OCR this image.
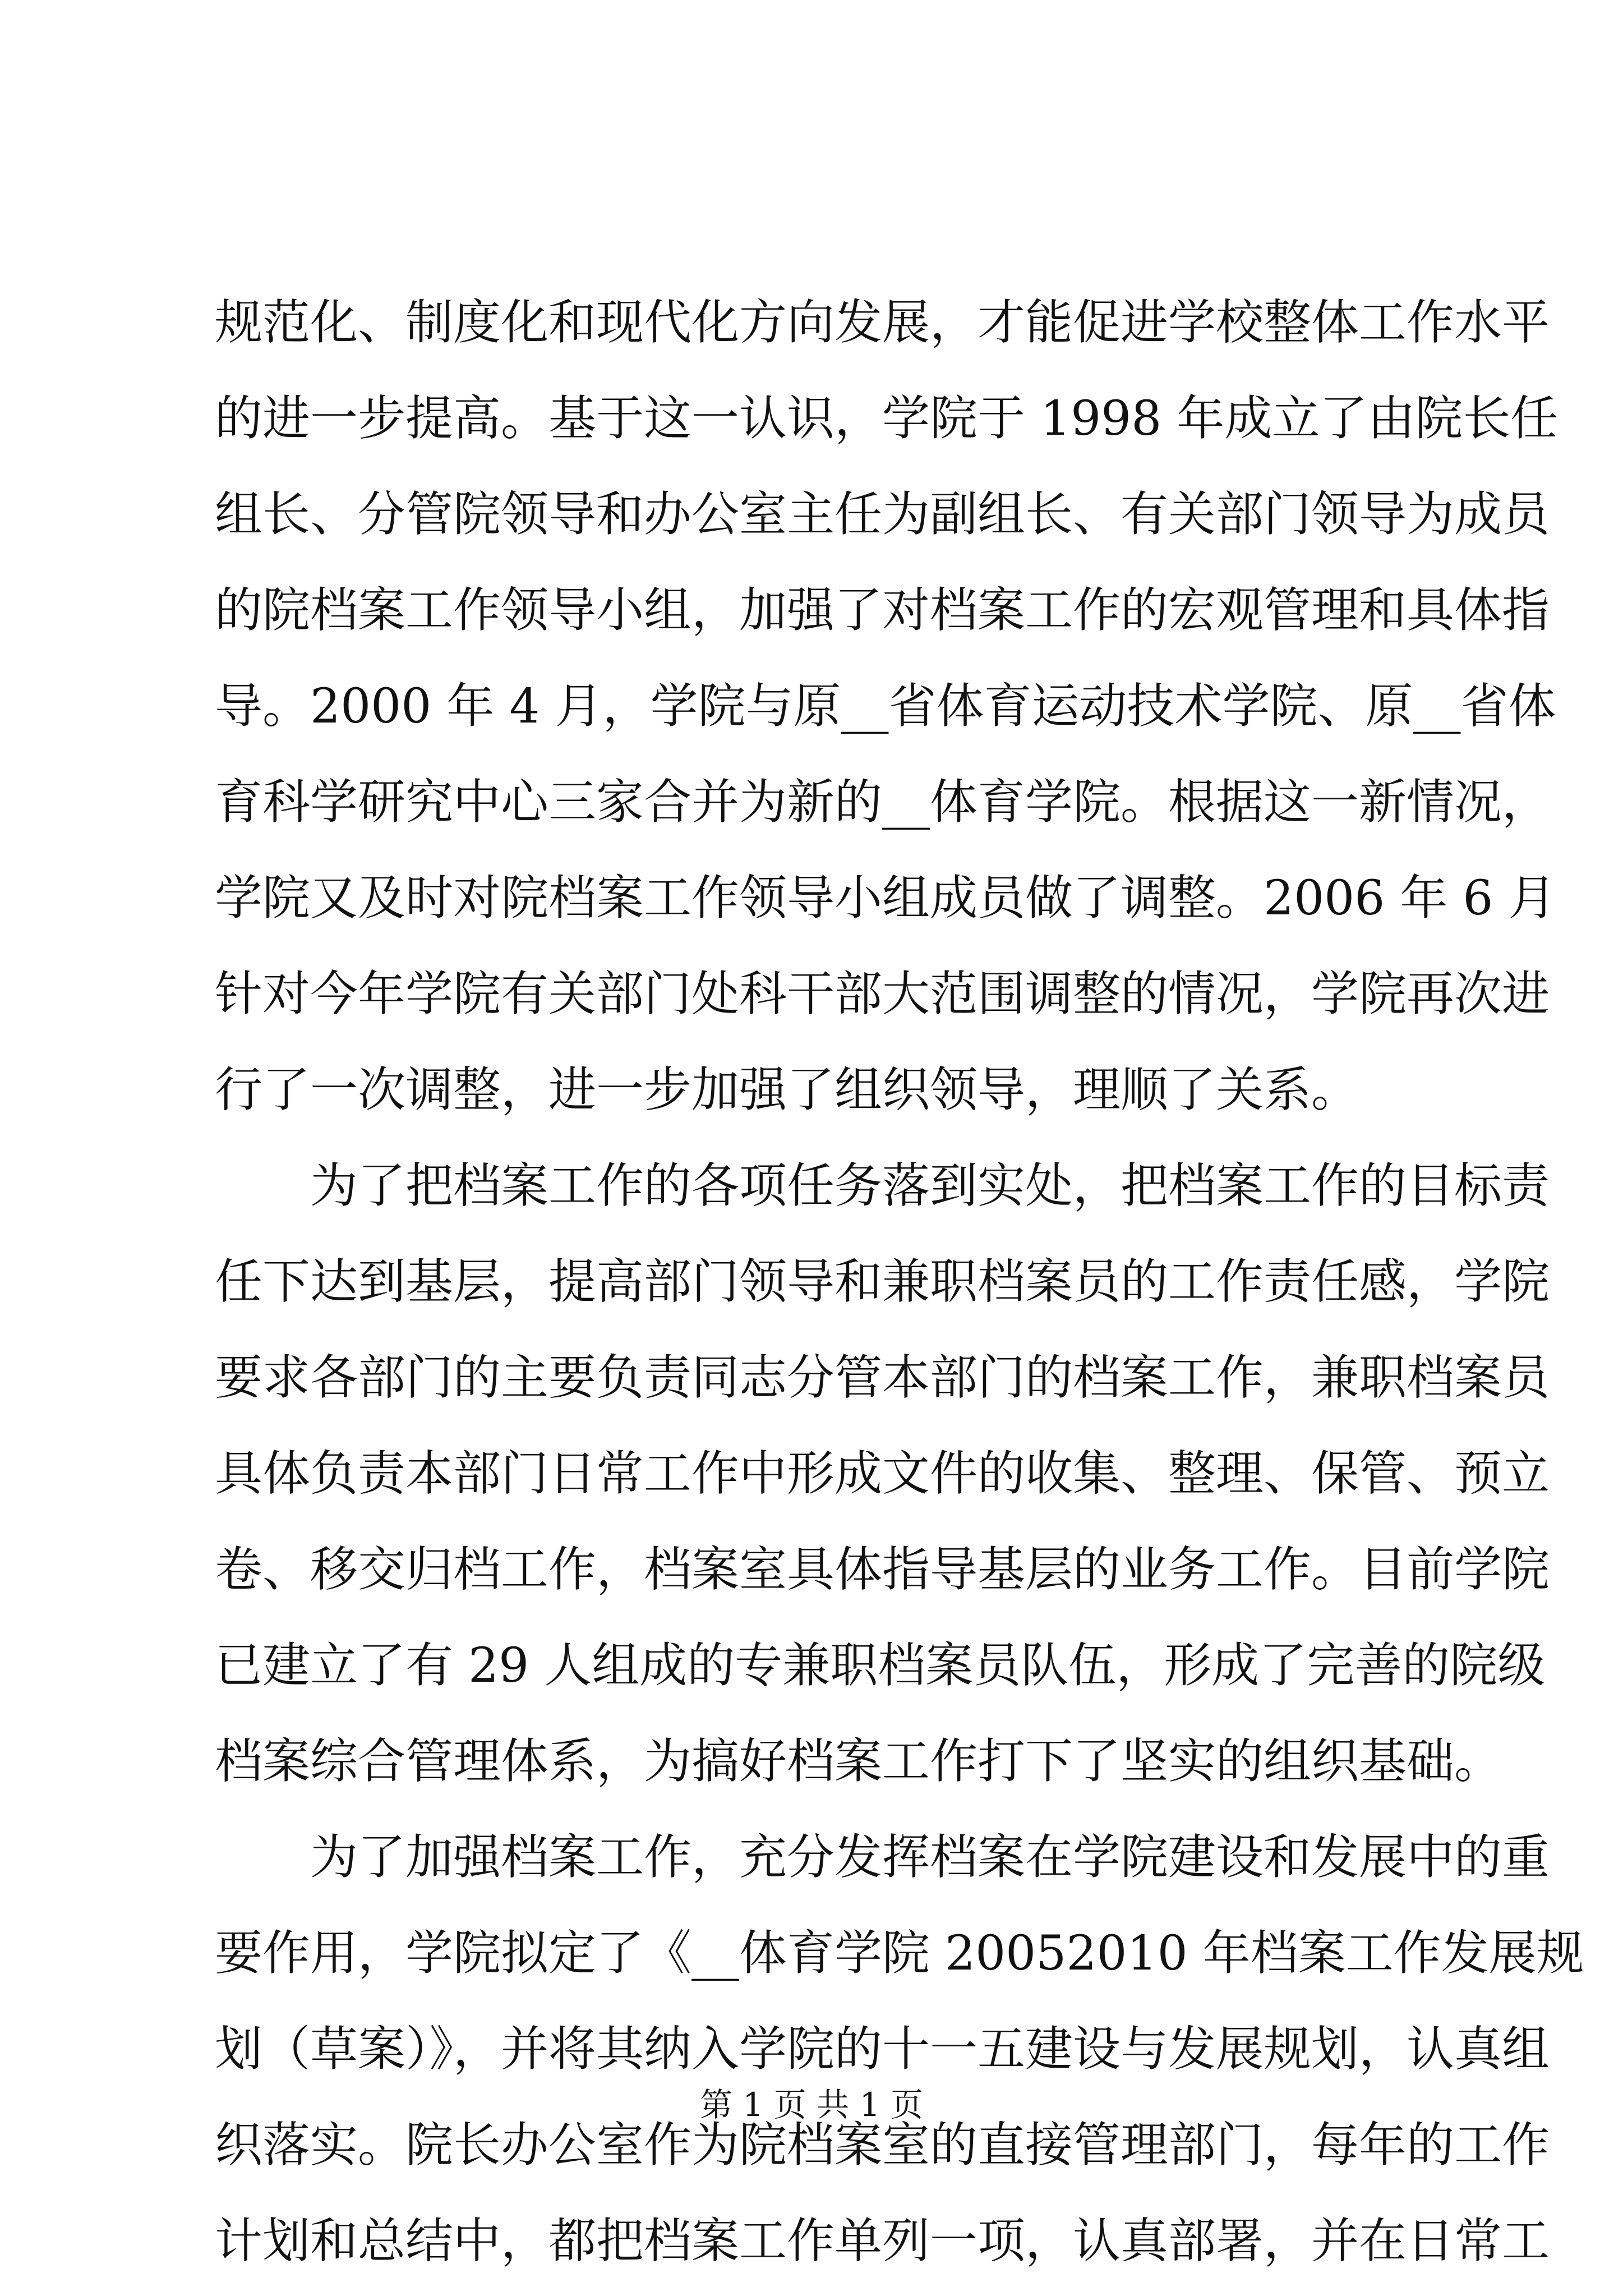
规范化、制度化和现代化方向发展，才能促进学校整体工作水平
的进一步提高。基于这一认识，学院于 1998 年成立了由院长任
组长、分管院领导和办公室主任为副组长、有关部门领导为成员
的院档案工作领导小组，加强了对档案工作的宏观管理和具体指
导。2000 年 4 月，学院与原__省体育运动技术学院、原__省体
育科学研究中心三家合并为新的__体育学院。根据这一新情况，
学院又及时对院档案工作领导小组成员做了调整。2006 年 6 月
针对今年学院有关部门处科干部大范围调整的情况，学院再次进
行了一次调整，进一步加强了组织领导，理顺了关系。
为了把档案工作的各项任务落到实处，把档案工作的目标责
任下达到基层，提高部门领导和兼职档案员的工作责任感，学院
要求各部门的主要负责同志分管本部门的档案工作，兼职档案员
具体负责本部门日常工作中形成文件的收集、整理、保管、预立
卷、移交归档工作，档案室具体指导基层的业务工作。目前学院
已建立了有 29 人组成的专兼职档案员队伍，形成了完善的院级
档案综合管理体系，为搞好档案工作打下了坚实的组织基础。
为了加强档案工作，充分发挥档案在学院建设和发展中的重
要作用，学院拟定了《__体育学院 20052010 年档案工作发展规
划（草案）》，并将其纳入学院的十一五建设与发展规划，认真组
织落实。院长办公室作为院档案室的直接管理部门，每年的工作
计划和总结中，都把档案工作单列一项，认真部署，并在日常工
第 1 页 共 1 页
